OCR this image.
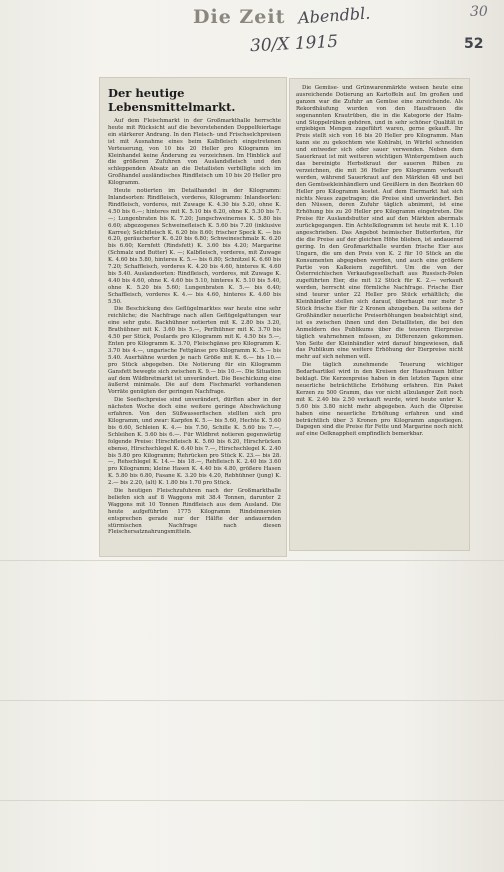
Die Zeit Abendbl.
30/X 1915
30
52
Der heutige Lebensmittelmarkt.

Auf dem Fleischmarkt in der Großmarkthalle herrschte heute mit Rücksicht auf die bevorstehenden Doppelfeiertage ein stärkerer Andrang. In den Fleisch- und Frischselchpreisen ist mit Ausnahme eines beim Kalbfleisch eingetretenen Verteuerung, von 10 bis 20 Heller pro Kilogramm im Kleinhandel keine Änderung zu verzeichnen. Im Hinblick auf die größeren Zufuhren von Auslandsfleisch und den schleppenden Absatz an die Detailisten verbilligte sich im Großhandel ausländisches Rindfleisch um 10 bis 20 Heller pro Kilogramm.

Heute notierten im Detailhandel in der Kilogramm: Inlandsorten: Rindfleisch, vorderes, Kilogramm: Inlandsorten: Rindfleisch, vorderes, mit Zuwage K. 4.30 bis 5.20, ohne K. 4.50 bis 6.—; hinteres mit K. 5.10 bis 6.20, ohne K. 5.30 bis 7.—; Lungenbraten bis K. 7.20; Jungschweinernes K. 5.80 bis 6.60; abgezogenes Schweinefleisch K. 5.60 bis 7.20 (inklusive Karree); Selchfleisch K. 6.20 bis 8.60; frischer Speck K. — bis 6.20, geräucherter K. 6.20 bis 6.80; Schweineschmalz K. 6.20 bis 6.60; Kernfett (Rindsfett) K. 3.60 bis 4.20; Margarine (Schmalz und Butter) K. —; Kalbfleisch, vorderes, mit Zuwage K. 4.60 bis 5.80, hinteres K. 5.— bis 6.80; Schnitzel K. 6.60 bis 7.20; Schaffleisch, vorderes K. 4.20 bis 4.60, hinteres K. 4.60 bis 5.40. Auslandsorten: Rindfleisch, vorderes, mit Zuwage K. 4.40 bis 4.60, ohne K. 4.60 bis 5.10, hinteres K. 5.10 bis 5.40, ohne K. 5.20 bis 5.60; Lungenbraten K. 5.— bis 6.40; Schaffleisch, vorderes K. 4.— bis 4.60, hinteres K. 4.60 bis 5.50.

Die Beschickung des Geflügelmarktes war heute eine sehr reichliche; die Nachfrage nach allen Geflügelgattungen war eine sehr gute. Backhühner notierten mit K. 2.80 bis 3.20, Brathühner mit K. 3.60 bis 5.—, Perlhühner mit K. 3.70 bis 4.50 per Stück, Poulards pro Kilogramm mit K. 4.50 bis 5.—, Enten pro Kilogramm K. 3.70, Fleischgänse pro Kilogramm K. 3.70 bis 4.—, ungarische Fettgänse pro Kilogramm K. 5.— bis 5.40. Auerhähne wurden je nach Größe mit K. 6.— bis 10.— pro Stück abgegeben. Die Notierung für ein Kilogramm Gansfett bewegte sich zwischen K. 9.— bis 10.—. Die Situation auf dem Wildbretmarkt ist unverändert. Die Beschickung eine äußerst minimale. Die auf dem Fischmarkt vorhandenen Vorräte genügten der geringen Nachfrage.

Die Seefischpreise sind unverändert, dürften aber in der nächsten Woche doch eine weitere geringe Abschwächung erfahren. Von den Süßwasserfischen stellten sich pro Kilogramm, und zwar: Karpfen K. 5.— bis 5.60, Hechte K. 5.60 bis 6.60, Schleien K. 4.— bis 7.50, Schille K. 5.60 bis 7.—, Schleihen K. 5.60 bis 6.—. Für Wildbret notieren gegenwärtig folgende Preise: Hirschfleisch K. 5.60 bis 6.20, Hirschrücken ebenso, Hirschschlegel K. 6.40 bis 7.—, Hirschschlegel K. 2.40 bis 5.80 pro Kilogramm; Rehrücken pro Stück K. 23.— bis 28.—, Rehschlegel K. 14.— bis 18.—, Rehfleisch K. 2.40 bis 3.60 pro Kilogramm; kleine Hasen K. 4.40 bis 4.80, größere Hasen K. 5.80 bis 6.80, Fasane K. 3.20 bis 4.20, Rebhühner (jung) K. 2.— bis 2.20, (alt) K. 1.80 bis 1.70 pro Stück.

Die heutigen Fleischzufuhren nach der Großmarkthalle beliefen sich auf 8 Waggons mit 38.4 Tonnen, darunter 2 Waggons mit 10 Tonnen Rindfleisch aus dem Ausland. Die heute aufgeführten 1775 Kilogramm Rindsinnereien entsprechen gerade nur der Hälfte der andauernden stürmischen Nachfrage nach diesen Fleischersatznahrungsmitteln.

Die Gemüse- und Grünwarenmärkte weisen heute eine ausreichende Dotierung an Kartoffeln auf. Im großen und ganzen war die Zufuhr an Gemüse eine zureichende. Als Rekordhäufung wurden von den Hausfrauen die sogenannten Krautrüben, die in die Kategorie der Halm- und Stoppelrüben gehören, und in sehr schöner Qualität in ergiebigen Mengen zugeführt waren, gerne gekauft. Ihr Preis stellt sich von 16 bis 20 Heller pro Kilogramm. Man kann sie zu gekochtem wie Kohlrabi, in Würfel schneiden und entweder sich oder sauer verwenden. Neben dem Sauerkraut ist mit weiteren wichtigen Wintergemüsen auch das bereinigte Herbstkraut der saueren Rüben zu verzeichnen, die mit 36 Heller pro Kilogramm verkauft werden, während Sauerkraut auf den Märkten 48 und bei den Gemüsekleinhändlern und Greißlern in den Bezirken 60 Heller pro Kilogramm kostet. Auf dem Eiermarkt hat sich nichts Neues zugetragen; die Preise sind unverändert. Bei den Nüssen, deren Zufuhr täglich abnimmt, ist eine Erhöhung bis zu 20 Heller pro Kilogramm eingetreten. Die Preise für Auslandsbutter sind auf den Märkten abermals zurückgegangen. Ein Achtelkilogramm ist heute mit K. 1.10 angeschrieben. Das Angebot heimischer Butterforten, für die die Preise auf der gleichen Höhe blieben, ist andauernd gering. In den Großmarkthalle wurden frische Eier aus Ungarn, die um den Preis von K. 2 für 10 Stück an die Konsumenten abgegeben werden, und auch eine größere Partie von Kalkeiern zugeführt. Um die von der Österreichischen Verkaufsgesellschaft aus Russisch-Polen zugeführten Eier, die mit 12 Stück für K. 2.— verkauft werden, herrscht eine förmliche Nachfrage. Frische Eier sind teurer unter 22 Heller pro Stück erhältlich; die Kleinhändler stellen sich darauf, überhaupt nur mehr 5 Stück frische Eier für 2 Kronen abzugeben. Da seitens der Großhändler neuerliche Preiserhöhungen beabsichtigt sind, ist es zwischen ihnen und den Detaillisten, die bei den Anmeldern des Publikums über die teueren Eierpreise täglich wahrnehmen müssen, zu Differenzen gekommen. Von Seite der Kleinhändler wird darauf hingewiesen, daß das Publikum eine weitere Erhöhung der Eierpreise nicht mehr auf sich nehmen will.

Die täglich zunehmende Teuerung wichtiger Bedarfsartikel wird in den Kreisen der Hausfrauen bitter beklagt. Die Kerzenpreise haben in den letzten Tagen eine neuerliche beträchtliche Erhöhung erfahren. Ein Paket Kerzen zu 500 Gramm, das vor nicht allzulanger Zeit noch mit K. 2.40 bis 2.50 verkauft wurde, wird heute unter K. 5.60 bis 3.80 nicht mehr abgegeben. Auch die Ölpreise haben eine neuerliche Erhöhung erfahren und sind beträchtlich über 3 Kronen pro Kilogramm angestiegen. Dagegen sind die Preise für Fette und Margarine noch nicht auf eine Oelknappheit empfindlich bemerkbar.
